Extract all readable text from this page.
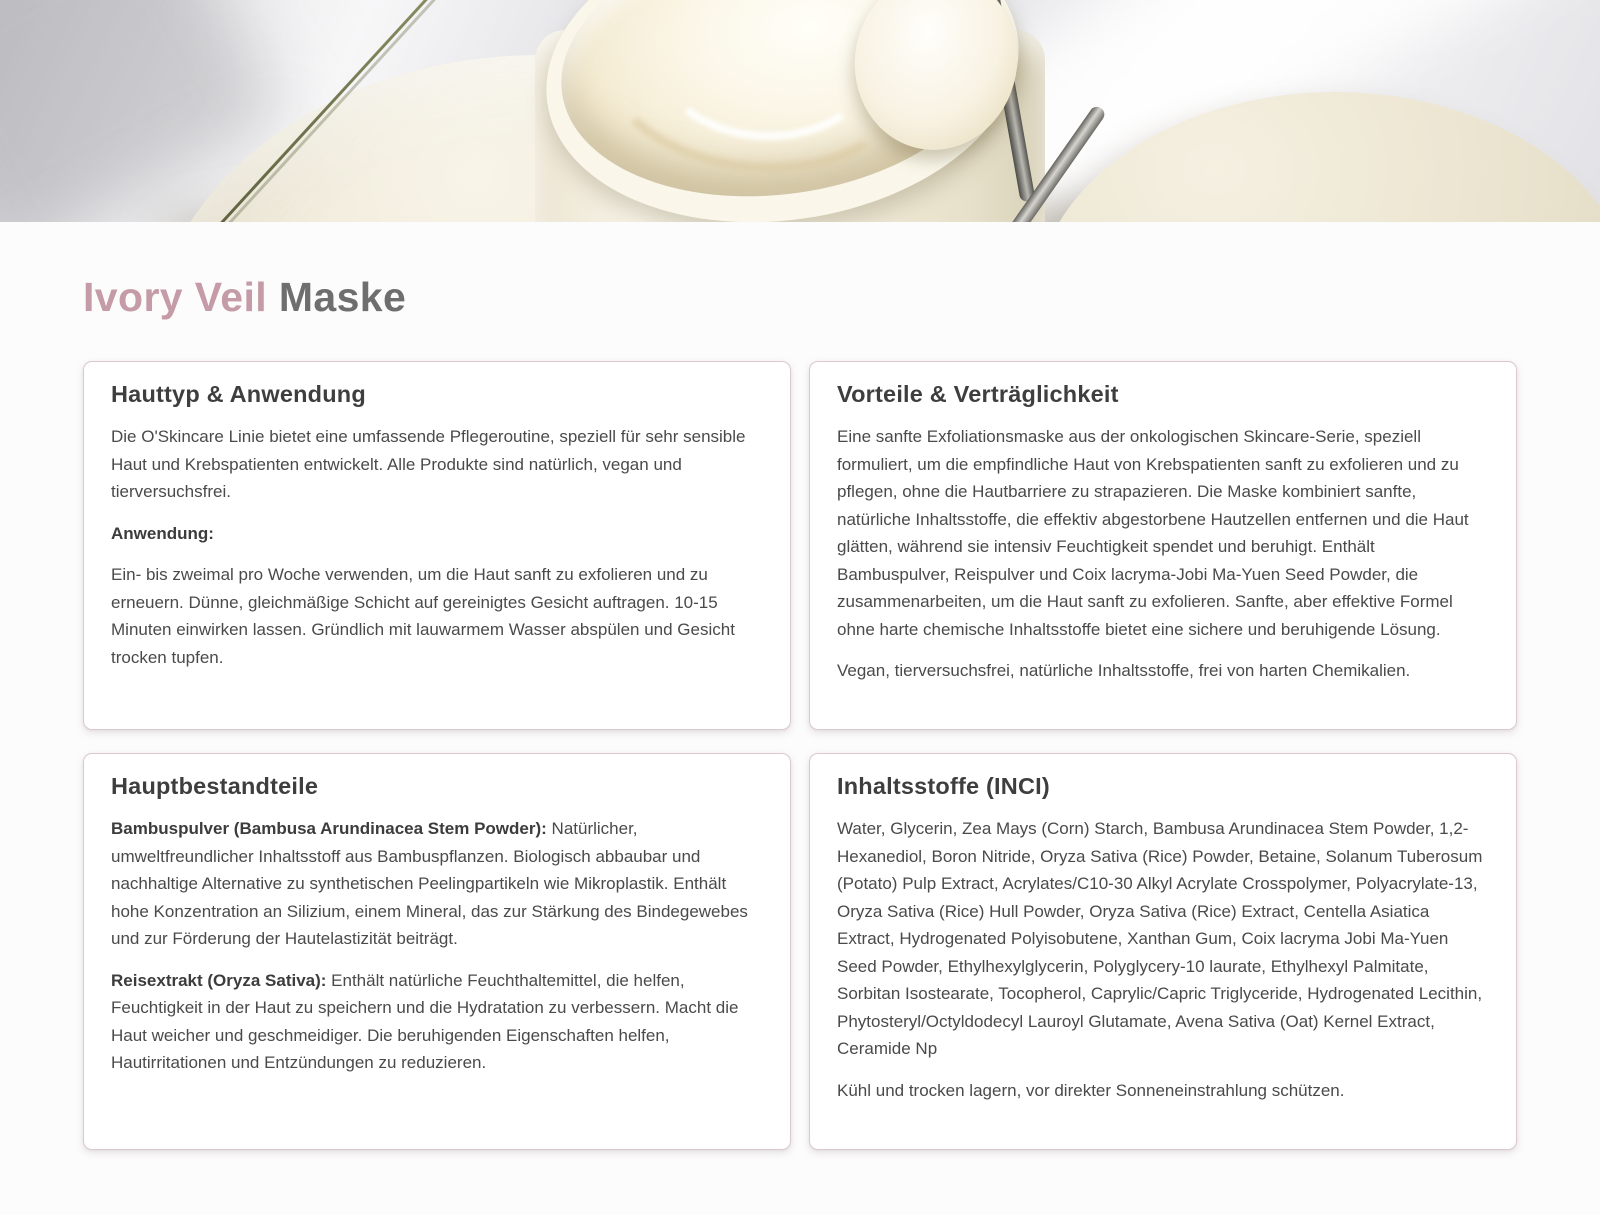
Ivory Veil Maske
Hauttyp & Anwendung

Die O'Skincare Linie bietet eine umfassende Pflegeroutine, speziell für sehr sensible Haut und Krebspatienten entwickelt. Alle Produkte sind natürlich, vegan und tierversuchsfrei.

Anwendung:

Ein- bis zweimal pro Woche verwenden, um die Haut sanft zu exfolieren und zu erneuern. Dünne, gleichmäßige Schicht auf gereinigtes Gesicht auftragen. 10-15 Minuten einwirken lassen. Gründlich mit lauwarmem Wasser abspülen und Gesicht trocken tupfen.

Vorteile & Verträglichkeit

Eine sanfte Exfoliationsmaske aus der onkologischen Skincare-Serie, speziell formuliert, um die empfindliche Haut von Krebspatienten sanft zu exfolieren und zu pflegen, ohne die Hautbarriere zu strapazieren. Die Maske kombiniert sanfte, natürliche Inhaltsstoffe, die effektiv abgestorbene Hautzellen entfernen und die Haut glätten, während sie intensiv Feuchtigkeit spendet und beruhigt. Enthält Bambuspulver, Reispulver und Coix lacryma-Jobi Ma-Yuen Seed Powder, die zusammenarbeiten, um die Haut sanft zu exfolieren. Sanfte, aber effektive Formel ohne harte chemische Inhaltsstoffe bietet eine sichere und beruhigende Lösung.

Vegan, tierversuchsfrei, natürliche Inhaltsstoffe, frei von harten Chemikalien.

Hauptbestandteile

Bambuspulver (Bambusa Arundinacea Stem Powder): Natürlicher, umweltfreundlicher Inhaltsstoff aus Bambuspflanzen. Biologisch abbaubar und nachhaltige Alternative zu synthetischen Peelingpartikeln wie Mikroplastik. Enthält hohe Konzentration an Silizium, einem Mineral, das zur Stärkung des Bindegewebes und zur Förderung der Hautelastizität beiträgt.

Reisextrakt (Oryza Sativa): Enthält natürliche Feuchthaltemittel, die helfen, Feuchtigkeit in der Haut zu speichern und die Hydratation zu verbessern. Macht die Haut weicher und geschmeidiger. Die beruhigenden Eigenschaften helfen, Hautirritationen und Entzündungen zu reduzieren.

Inhaltsstoffe (INCI)

Water, Glycerin, Zea Mays (Corn) Starch, Bambusa Arundinacea Stem Powder, 1,2-Hexanediol, Boron Nitride, Oryza Sativa (Rice) Powder, Betaine, Solanum Tuberosum (Potato) Pulp Extract, Acrylates/C10-30 Alkyl Acrylate Crosspolymer, Polyacrylate-13, Oryza Sativa (Rice) Hull Powder, Oryza Sativa (Rice) Extract, Centella Asiatica Extract, Hydrogenated Polyisobutene, Xanthan Gum, Coix lacryma Jobi Ma-Yuen Seed Powder, Ethylhexylglycerin, Polyglycery-10 laurate, Ethylhexyl Palmitate, Sorbitan Isostearate, Tocopherol, Caprylic/Capric Triglyceride, Hydrogenated Lecithin, Phytosteryl/Octyldodecyl Lauroyl Glutamate, Avena Sativa (Oat) Kernel Extract, Ceramide Np

Kühl und trocken lagern, vor direkter Sonneneinstrahlung schützen.
